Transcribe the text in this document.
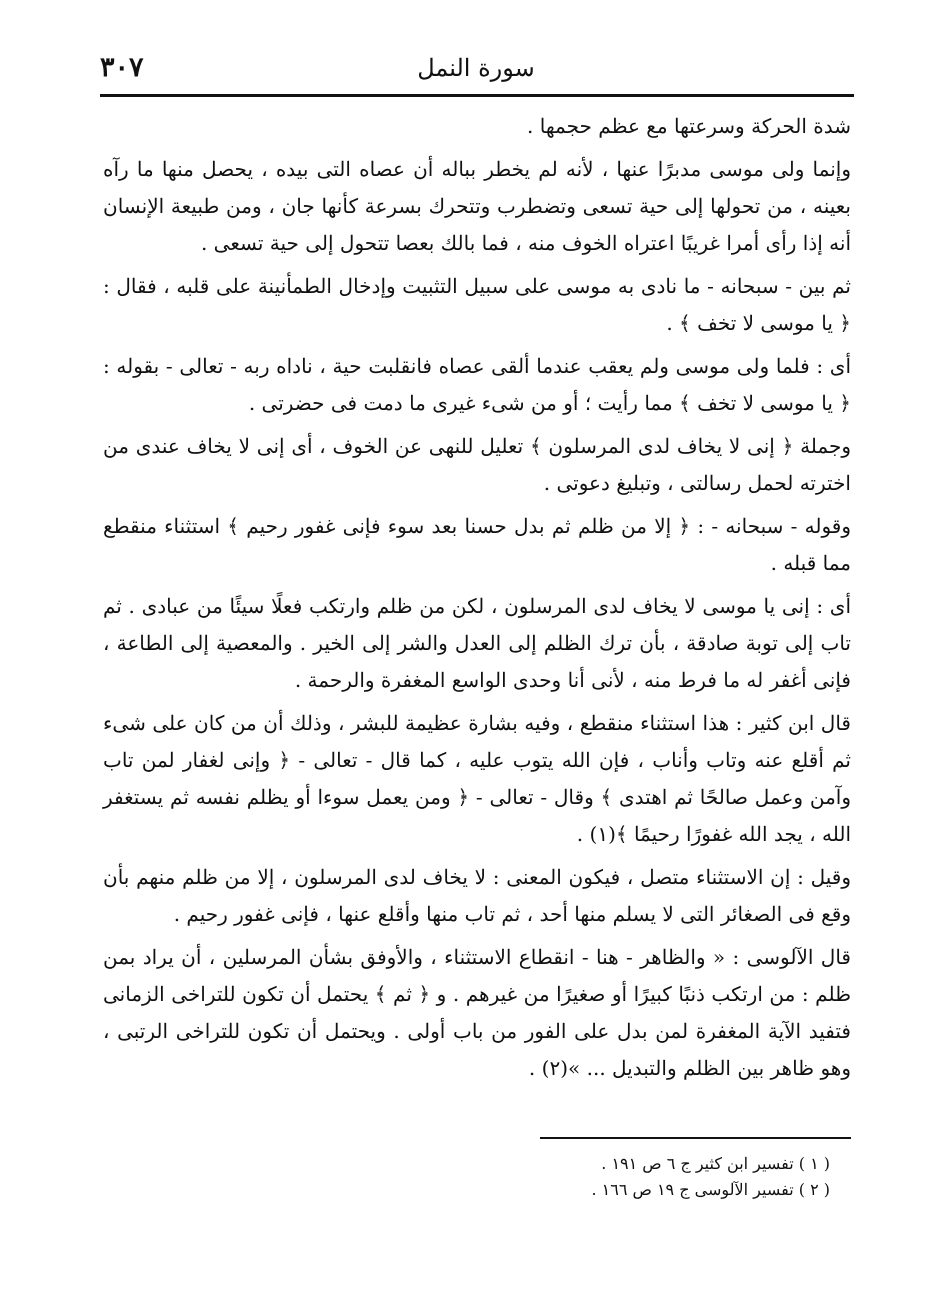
٣٠٧	سورة النمل

شدة الحركة وسرعتها مع عظم حجمها .

وإنما ولى موسى مدبرًا عنها ، لأنه لم يخطر بباله أن عصاه التى بيده ، يحصل منها ما رآه بعينه ، من تحولها إلى حية تسعى وتضطرب وتتحرك بسرعة كأنها جان ، ومن طبيعة الإنسان أنه إذا رأى أمرا غريبًا اعتراه الخوف منه ، فما بالك بعصا تتحول إلى حية تسعى .

ثم بين - سبحانه - ما نادى به موسى على سبيل التثبيت وإدخال الطمأنينة على قلبه ، فقال : ﴿ يا موسى لا تخف ﴾ .

أى : فلما ولى موسى ولم يعقب عندما ألقى عصاه فانقلبت حية ، ناداه ربه - تعالى - بقوله : ﴿ يا موسى لا تخف ﴾ مما رأيت ؛ أو من شىء غيرى ما دمت فى حضرتى .

وجملة ﴿ إنى لا يخاف لدى المرسلون ﴾ تعليل للنهى عن الخوف ، أى إنى لا يخاف عندى من اخترته لحمل رسالتى ، وتبليغ دعوتى .

وقوله - سبحانه - : ﴿ إلا من ظلم ثم بدل حسنا بعد سوء فإنى غفور رحيم ﴾ استثناء منقطع مما قبله .

أى : إنى يا موسى لا يخاف لدى المرسلون ، لكن من ظلم وارتكب فعلًا سيئًا من عبادى . ثم تاب إلى توبة صادقة ، بأن ترك الظلم إلى العدل والشر إلى الخير . والمعصية إلى الطاعة ، فإنى أغفر له ما فرط منه ، لأنى أنا وحدى الواسع المغفرة والرحمة .

قال ابن كثير : هذا استثناء منقطع ، وفيه بشارة عظيمة للبشر ، وذلك أن من كان على شىء ثم أقلع عنه وتاب وأناب ، فإن الله يتوب عليه ، كما قال - تعالى - ﴿ وإنى لغفار لمن تاب وآمن وعمل صالحًا ثم اهتدى ﴾ وقال - تعالى - ﴿ ومن يعمل سوءا أو يظلم نفسه ثم يستغفر الله ، يجد الله غفورًا رحيمًا ﴾(١) .

وقيل : إن الاستثناء متصل ، فيكون المعنى : لا يخاف لدى المرسلون ، إلا من ظلم منهم بأن وقع فى الصغائر التى لا يسلم منها أحد ، ثم تاب منها وأقلع عنها ، فإنى غفور رحيم .

قال الآلوسى : « والظاهر - هنا - انقطاع الاستثناء ، والأوفق بشأن المرسلين ، أن يراد بمن ظلم : من ارتكب ذنبًا كبيرًا أو صغيرًا من غيرهم . و ﴿ ثم ﴾ يحتمل أن تكون للتراخى الزمانى فتفيد الآية المغفرة لمن بدل على الفور من باب أولى . ويحتمل أن تكون للتراخى الرتبى ، وهو ظاهر بين الظلم والتبديل ... »(٢) .

( ١ ) تفسير ابن كثير ج ٦ ص ١٩١ .

( ٢ ) تفسير الآلوسى ج ١٩ ص ١٦٦ .
